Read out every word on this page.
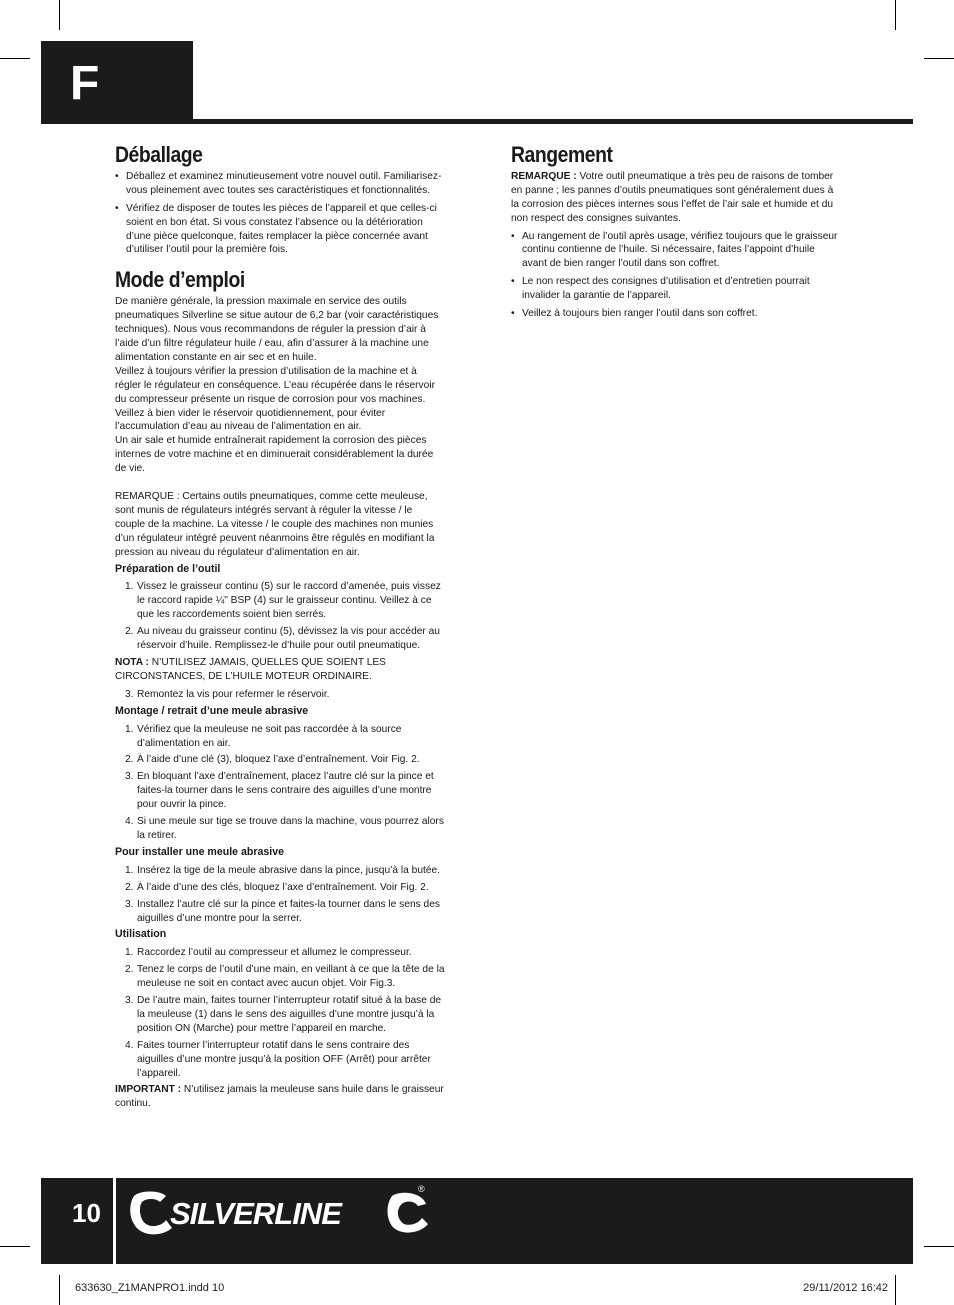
F
Déballage
• Déballez et examinez minutieusement votre nouvel outil. Familiarisez-vous pleinement avec toutes ses caractéristiques et fonctionnalités.
• Vérifiez de disposer de toutes les pièces de l’appareil et que celles-ci soient en bon état. Si vous constatez l’absence ou la détérioration d’une pièce quelconque, faites remplacer la pièce concernée avant d’utiliser l’outil pour la première fois.
Mode d’emploi

De manière générale, la pression maximale en service des outils pneumatiques Silverline se situe autour de 6,2 bar (voir caractéristiques techniques). Nous vous recommandons de réguler la pression d’air à l’aide d’un filtre régulateur huile / eau, afin d’assurer à la machine une alimentation constante en air sec et en huile.

Veillez à toujours vérifier la pression d’utilisation de la machine et à régler le régulateur en conséquence. L’eau récupérée dans le réservoir du compresseur présente un risque de corrosion pour vos machines. Veillez à bien vider le réservoir quotidiennement, pour éviter l’accumulation d’eau au niveau de l’alimentation en air.

Un air sale et humide entraînerait rapidement la corrosion des pièces internes de votre machine et en diminuerait considérablement la durée de vie.

REMARQUE : Certains outils pneumatiques, comme cette meuleuse, sont munis de régulateurs intégrés servant à réguler la vitesse / le couple de la machine. La vitesse / le couple des machines non munies d’un régulateur intégré peuvent néanmoins être régulés en modifiant la pression au niveau du régulateur d’alimentation en air.

Préparation de l’outil
1. Vissez le graisseur continu (5) sur le raccord d’amenée, puis vissez le raccord rapide ¼" BSP (4) sur le graisseur continu. Veillez à ce que les raccordements soient bien serrés.
2. Au niveau du graisseur continu (5), dévissez la vis pour accéder au réservoir d’huile. Remplissez-le d’huile pour outil pneumatique.

NOTA : N’UTILISEZ JAMAIS, QUELLES QUE SOIENT LES CIRCONSTANCES, DE L’HUILE MOTEUR ORDINAIRE.

3. Remontez la vis pour refermer le réservoir.
Montage / retrait d’une meule abrasive
1. Vérifiez que la meuleuse ne soit pas raccordée à la source d’alimentation en air.
2. À l’aide d’une clé (3), bloquez l’axe d’entraînement. Voir Fig. 2.
3. En bloquant l’axe d’entraînement, placez l’autre clé sur la pince et faites-la tourner dans le sens contraire des aiguilles d’une montre pour ouvrir la pince.
4. Si une meule sur tige se trouve dans la machine, vous pourrez alors la retirer.
Pour installer une meule abrasive
1. Insérez la tige de la meule abrasive dans la pince, jusqu’à la butée.
2. À l’aide d’une des clés, bloquez l’axe d’entraînement. Voir Fig. 2.
3. Installez l’autre clé sur la pince et faites-la tourner dans le sens des aiguilles d’une montre pour la serrer.
Utilisation
1. Raccordez l’outil au compresseur et allumez le compresseur.
2. Tenez le corps de l’outil d’une main, en veillant à ce que la tête de la meuleuse ne soit en contact avec aucun objet. Voir Fig.3.
3. De l’autre main, faites tourner l’interrupteur rotatif situé à la base de la meuleuse (1) dans le sens des aiguilles d’une montre jusqu’à la position ON (Marche) pour mettre l’appareil en marche.
4. Faites tourner l’interrupteur rotatif dans le sens contraire des aiguilles d’une montre jusqu’à la position OFF (Arrêt) pour arrêter l’appareil.

IMPORTANT : N’utilisez jamais la meuleuse sans huile dans le graisseur continu.

Rangement

REMARQUE : Votre outil pneumatique a très peu de raisons de tomber en panne ; les pannes d’outils pneumatiques sont généralement dues à la corrosion des pièces internes sous l’effet de l’air sale et humide et du non respect des consignes suivantes.

• Au rangement de l’outil après usage, vérifiez toujours que le graisseur continu contienne de l’huile. Si nécessaire, faites l’appoint d’huile avant de bien ranger l’outil dans son coffret.
• Le non respect des consignes d’utilisation et d’entretien pourrait invalider la garantie de l’appareil.
• Veillez à toujours bien ranger l’outil dans son coffret.
10	SILVERLINE
®
633630_Z1MANPRO1.indd 10	29/11/2012 16:42
